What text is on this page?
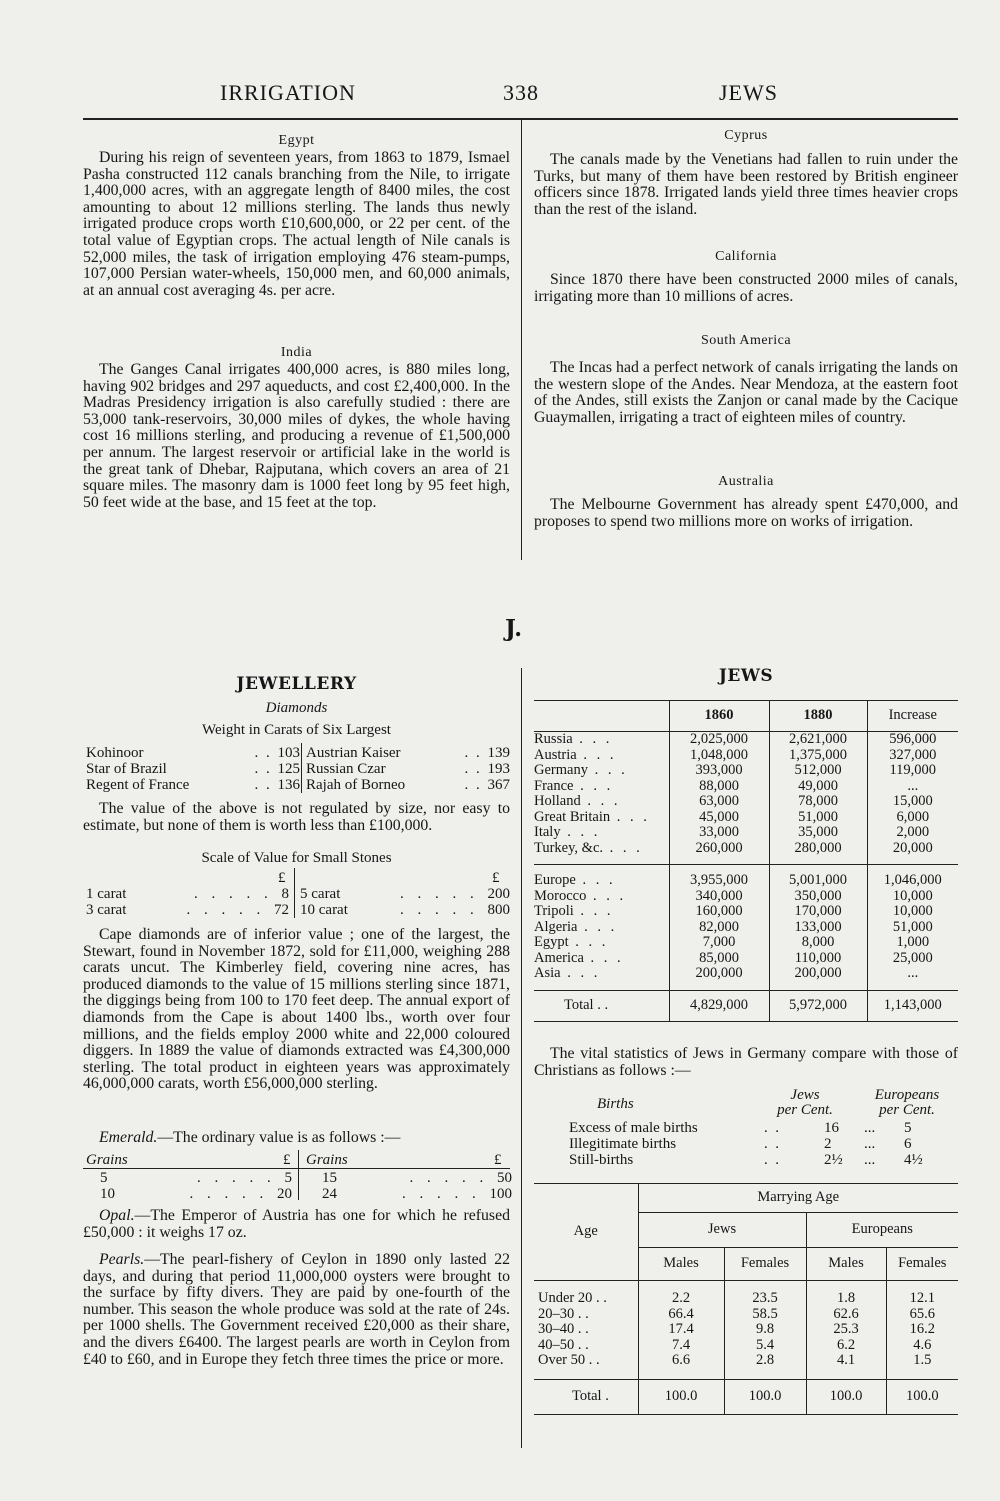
IRRIGATION	338	JEWS
Egypt

During his reign of seventeen years, from 1863 to 1879, Ismael Pasha constructed 112 canals branching from the Nile, to irrigate 1,400,000 acres, with an aggregate length of 8400 miles, the cost amounting to about 12 millions sterling. The lands thus newly irrigated produce crops worth £10,600,000, or 22 per cent. of the total value of Egyptian crops. The actual length of Nile canals is 52,000 miles, the task of irrigation employing 476 steam-pumps, 107,000 Persian water-wheels, 150,000 men, and 60,000 animals, at an annual cost averaging 4s. per acre.

India

The Ganges Canal irrigates 400,000 acres, is 880 miles long, having 902 bridges and 297 aqueducts, and cost £2,400,000. In the Madras Presidency irrigation is also carefully studied : there are 53,000 tank-reservoirs, 30,000 miles of dykes, the whole having cost 16 millions sterling, and producing a revenue of £1,500,000 per annum. The largest reservoir or artificial lake in the world is the great tank of Dhebar, Rajputana, which covers an area of 21 square miles. The masonry dam is 1000 feet long by 95 feet high, 50 feet wide at the base, and 15 feet at the top.

Cyprus

The canals made by the Venetians had fallen to ruin under the Turks, but many of them have been restored by British engineer officers since 1878. Irrigated lands yield three times heavier crops than the rest of the island.

California

Since 1870 there have been constructed 2000 miles of canals, irrigating more than 10 millions of acres.

South America

The Incas had a perfect network of canals irrigating the lands on the western slope of the Andes. Near Mendoza, at the eastern foot of the Andes, still exists the Zanjon or canal made by the Cacique Guaymallen, irrigating a tract of eighteen miles of country.

Australia

The Melbourne Government has already spent £470,000, and proposes to spend two millions more on works of irrigation.

J.
JEWELLERY
Diamonds
Weight in Carats of Six Largest
Kohinoor	. . 103
Star of Brazil	. . 125
Regent of France	. . 136
Austrian Kaiser	. . 139
Russian Czar	. . 193
Rajah of Borneo	. . 367

The value of the above is not regulated by size, nor easy to estimate, but none of them is worth less than £100,000.

Scale of Value for Small Stones
£	£
1 carat	. . . . . 8
3 carat	. . . . . 72
5 carat	. . . . . 200
10 carat	. . . . . 800

Cape diamonds are of inferior value ; one of the largest, the Stewart, found in November 1872, sold for £11,000, weighing 288 carats uncut. The Kimberley field, covering nine acres, has produced diamonds to the value of 15 millions sterling since 1871, the diggings being from 100 to 170 feet deep. The annual export of diamonds from the Cape is about 1400 lbs., worth over four millions, and the fields employ 2000 white and 22,000 coloured diggers. In 1889 the value of diamonds extracted was £4,300,000 sterling. The total product in eighteen years was approximately 46,000,000 carats, worth £56,000,000 sterling.

Emerald.—The ordinary value is as follows :—

Grains	£ Grains	£
5	. . . . . 5
10	. . . . . 20
15	. . . . . 50
24	. . . . . 100

Opal.—The Emperor of Austria has one for which he refused £50,000 : it weighs 17 oz.

Pearls.—The pearl-fishery of Ceylon in 1890 only lasted 22 days, and during that period 11,000,000 oysters were brought to the surface by fifty divers. They are paid by one-fourth of the number. This season the whole produce was sold at the rate of 24s. per 1000 shells. The Government received £20,000 as their share, and the divers £6400. The largest pearls are worth in Ceylon from £40 to £60, and in Europe they fetch three times the price or more.

JEWS
	1860	1880	Increase
Russia . . .	2,025,000	2,621,000	596,000
Austria . . .	1,048,000	1,375,000	327,000
Germany . . .	393,000	512,000	119,000
France . . .	88,000	49,000	...
Holland . . .	63,000	78,000	15,000
Great Britain . . .	45,000	51,000	6,000
Italy . . .	33,000	35,000	2,000
Turkey, &c. . . .	260,000	280,000	20,000
Europe . . .	3,955,000	5,001,000	1,046,000
Morocco . . .	340,000	350,000	10,000
Tripoli . . .	160,000	170,000	10,000
Algeria . . .	82,000	133,000	51,000
Egypt . . .	7,000	8,000	1,000
America . . .	85,000	110,000	25,000
Asia . . .	200,000	200,000	...
Total . .	4,829,000	5,972,000	1,143,000

The vital statistics of Jews in Germany compare with those of Christians as follows :—

Births
Jews
per Cent.
Europeans
per Cent.
Excess of male births	.  .	16	...	5
Illegitimate births	.  .	2	...	6
Still-births	.  .	2½	...	4½
Age	Marrying Age			
	Jews		Europeans	
	Males	Females	Males	Females
Under 20 . .	2.2	23.5	1.8	12.1
20–30 . .	66.4	58.5	62.6	65.6
30–40 . .	17.4	9.8	25.3	16.2
40–50 . .	7.4	5.4	6.2	4.6
Over 50 . .	6.6	2.8	4.1	1.5
Total .	100.0	100.0	100.0	100.0
